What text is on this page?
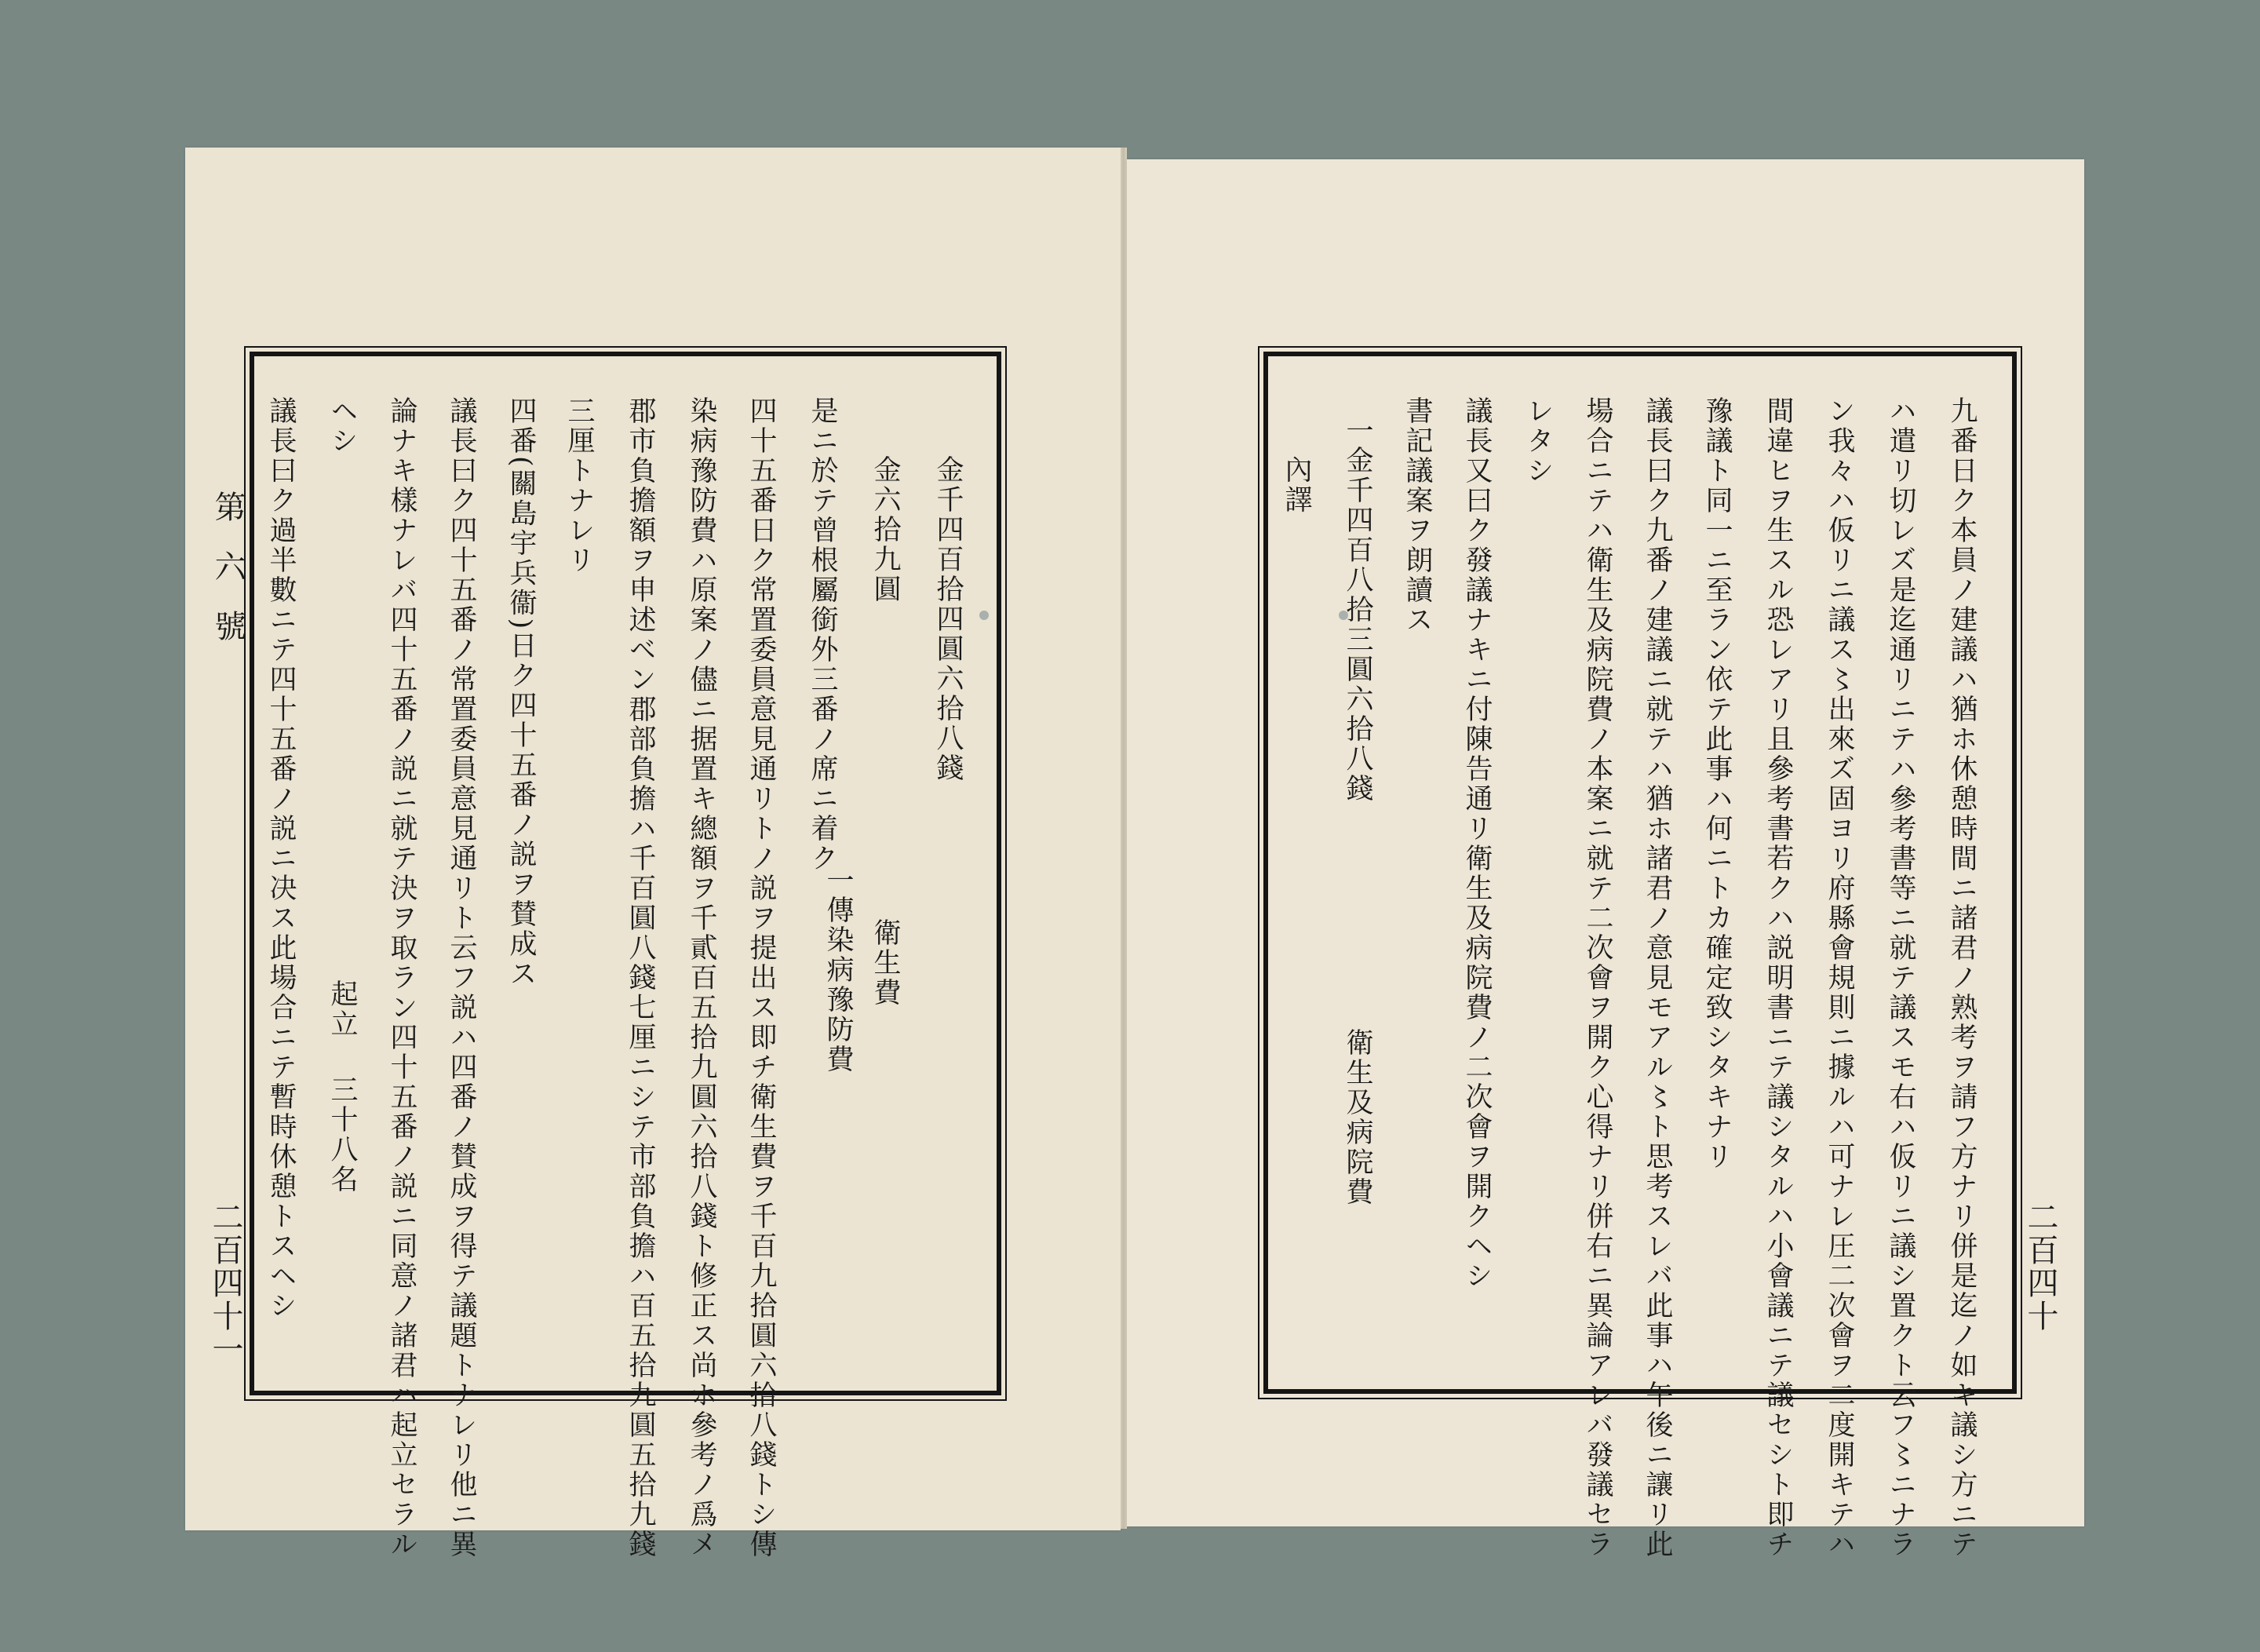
第六號
二百四十一	二百四十
金千四百拾四圓六拾八錢
金六拾九圓
衛生費
一傳染病豫防費
是ニ於テ曾根屬銜外三番ノ席ニ着ク
四十五番日ク常置委員意見通リトノ説ヲ提出ス即チ衛生費ヲ千百九拾圓六拾八錢トシ傳
染病豫防費ハ原案ノ儘ニ据置キ總額ヲ千貳百五拾九圓六拾八錢ト修正ス尚ホ參考ノ爲メ
郡市負擔額ヲ申述ベン郡部負擔ハ千百圓八錢七厘ニシテ市部負擔ハ百五拾九圓五拾九錢
三厘トナレリ
四番(關島宇兵衞)日ク四十五番ノ説ヲ賛成ス
議長曰ク四十五番ノ常置委員意見通リト云フ説ハ四番ノ賛成ヲ得テ議題トナレリ他ニ異
論ナキ樣ナレバ四十五番ノ説ニ就テ決ヲ取ラン四十五番ノ説ニ同意ノ諸君ハ起立セラル
ヘシ
起立
三十八名
議長曰ク過半數ニテ四十五番ノ説ニ决ス此場合ニテ暫時休憩トスヘシ	九番日ク本員ノ建議ハ猶ホ休憩時間ニ諸君ノ熟考ヲ請フ方ナリ併是迄ノ如キ議シ方ニテ
ハ遣リ切レズ是迄通リニテハ參考書等ニ就テ議スモ右ハ仮リニ議シ置クト云フ〻ニナラ
ン我々ハ仮リニ議ス〻出來ズ固ヨリ府縣會規則ニ據ルハ可ナレ圧二次會ヲ二度開キテハ
間違ヒヲ生スル恐レアリ且參考書若クハ説明書ニテ議シタルハ小會議ニテ議セシト即チ
豫議ト同一ニ至ラン依テ此事ハ何ニトカ確定致シタキナリ
議長曰ク九番ノ建議ニ就テハ猶ホ諸君ノ意見モアル〻ト思考スレバ此事ハ午後ニ讓リ此
場合ニテハ衛生及病院費ノ本案ニ就テ二次會ヲ開ク心得ナリ併右ニ異論アレバ發議セラ
レタシ
議長又曰ク發議ナキニ付陳告通リ衛生及病院費ノ二次會ヲ開クヘシ
書記議案ヲ朗讀ス
一金千四百八拾三圓六拾八錢
衛生及病院費
內譯
